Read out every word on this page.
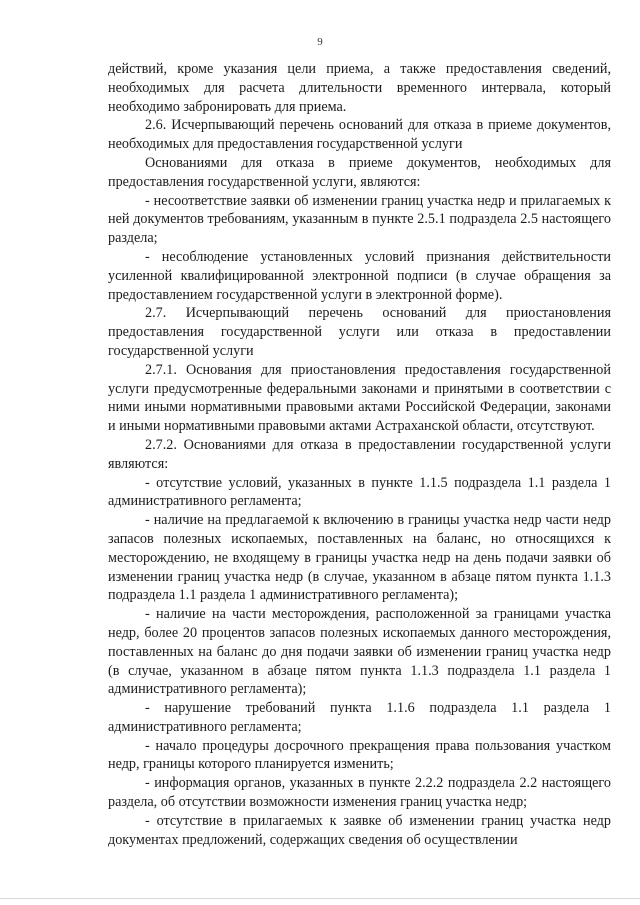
9

действий, кроме указания цели приема, а также предоставления сведений, необходимых для расчета длительности временного интервала, который необходимо забронировать для приема.

2.6. Исчерпывающий перечень оснований для отказа в приеме документов, необходимых для предоставления государственной услуги

Основаниями для отказа в приеме документов, необходимых для предоставления государственной услуги, являются:

- несоответствие заявки об изменении границ участка недр и прилагаемых к ней документов требованиям, указанным в пункте 2.5.1 подраздела 2.5 настоящего раздела;

- несоблюдение установленных условий признания действительности усиленной квалифицированной электронной подписи (в случае обращения за предоставлением государственной услуги в электронной форме).

2.7. Исчерпывающий перечень оснований для приостановления предоставления государственной услуги или отказа в предоставлении государственной услуги

2.7.1. Основания для приостановления предоставления государственной услуги предусмотренные федеральными законами и принятыми в соответствии с ними иными нормативными правовыми актами Российской Федерации, законами и иными нормативными правовыми актами Астраханской области, отсутствуют.

2.7.2. Основаниями для отказа в предоставлении государственной услуги являются:

- отсутствие условий, указанных в пункте 1.1.5 подраздела 1.1 раздела 1 административного регламента;

- наличие на предлагаемой к включению в границы участка недр части недр запасов полезных ископаемых, поставленных на баланс, но относящихся к месторождению, не входящему в границы участка недр на день подачи заявки об изменении границ участка недр (в случае, указанном в абзаце пятом пункта 1.1.3 подраздела 1.1 раздела 1 административного регламента);

- наличие на части месторождения, расположенной за границами участка недр, более 20 процентов запасов полезных ископаемых данного месторождения, поставленных на баланс до дня подачи заявки об изменении границ участка недр (в случае, указанном в абзаце пятом пункта 1.1.3 подраздела 1.1 раздела 1 административного регламента);

- нарушение требований пункта 1.1.6 подраздела 1.1 раздела 1 административного регламента;

- начало процедуры досрочного прекращения права пользования участком недр, границы которого планируется изменить;

- информация органов, указанных в пункте 2.2.2 подраздела 2.2 настоящего раздела, об отсутствии возможности изменения границ участка недр;

- отсутствие в прилагаемых к заявке об изменении границ участка недр документах предложений, содержащих сведения об осуществлении
